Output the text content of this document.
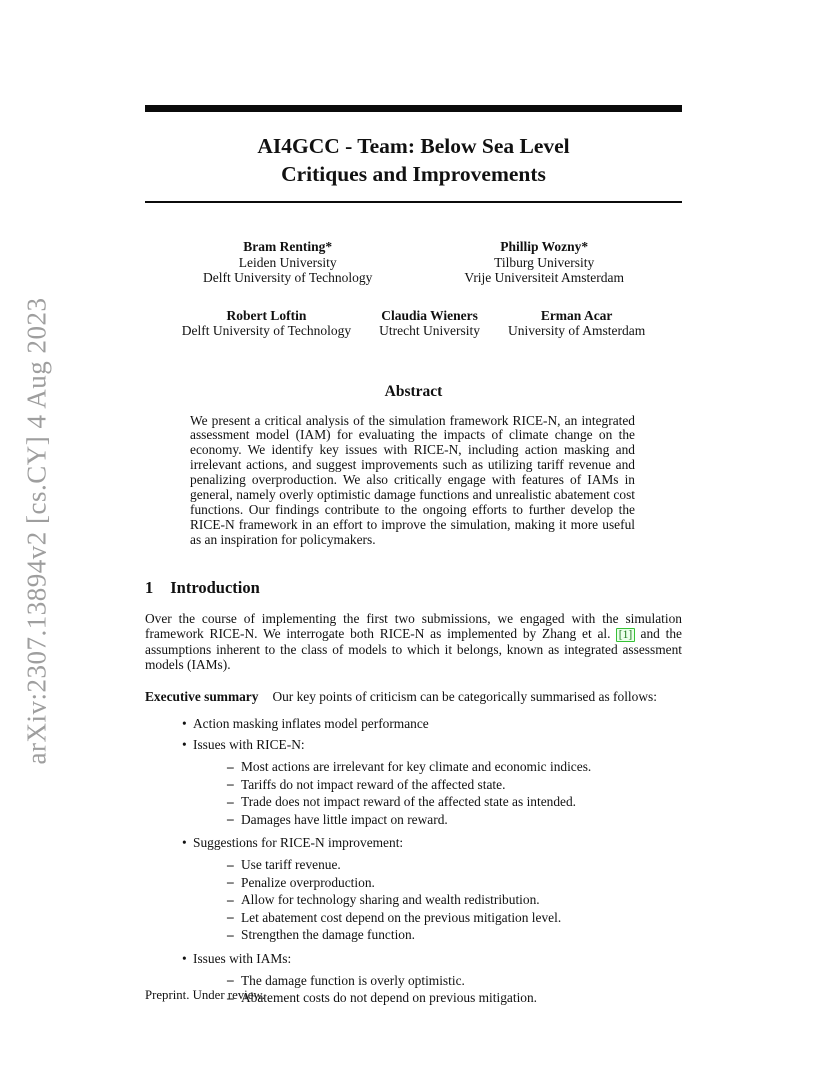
arXiv:2307.13894v2 [cs.CY] 4 Aug 2023
AI4GCC - Team: Below Sea Level
Critiques and Improvements
Bram Renting*
Leiden University
Delft University of Technology
Phillip Wozny*
Tilburg University
Vrije Universiteit Amsterdam
Robert Loftin
Delft University of Technology
Claudia Wieners
Utrecht University
Erman Acar
University of Amsterdam
Abstract
We present a critical analysis of the simulation framework RICE-N, an integrated assessment model (IAM) for evaluating the impacts of climate change on the economy. We identify key issues with RICE-N, including action masking and irrelevant actions, and suggest improvements such as utilizing tariff revenue and penalizing overproduction. We also critically engage with features of IAMs in general, namely overly optimistic damage functions and unrealistic abatement cost functions. Our findings contribute to the ongoing efforts to further develop the RICE-N framework in an effort to improve the simulation, making it more useful as an inspiration for policymakers.
1 Introduction
Over the course of implementing the first two submissions, we engaged with the simulation framework RICE-N. We interrogate both RICE-N as implemented by Zhang et al. [1] and the assumptions inherent to the class of models to which it belongs, known as integrated assessment models (IAMs).
Executive summary Our key points of criticism can be categorically summarised as follows:
• Action masking inflates model performance
• Issues with RICE-N:
– Most actions are irrelevant for key climate and economic indices.
– Tariffs do not impact reward of the affected state.
– Trade does not impact reward of the affected state as intended.
– Damages have little impact on reward.
• Suggestions for RICE-N improvement:
– Use tariff revenue.
– Penalize overproduction.
– Allow for technology sharing and wealth redistribution.
– Let abatement cost depend on the previous mitigation level.
– Strengthen the damage function.
• Issues with IAMs:
– The damage function is overly optimistic.
– Abatement costs do not depend on previous mitigation.
Preprint. Under review.
